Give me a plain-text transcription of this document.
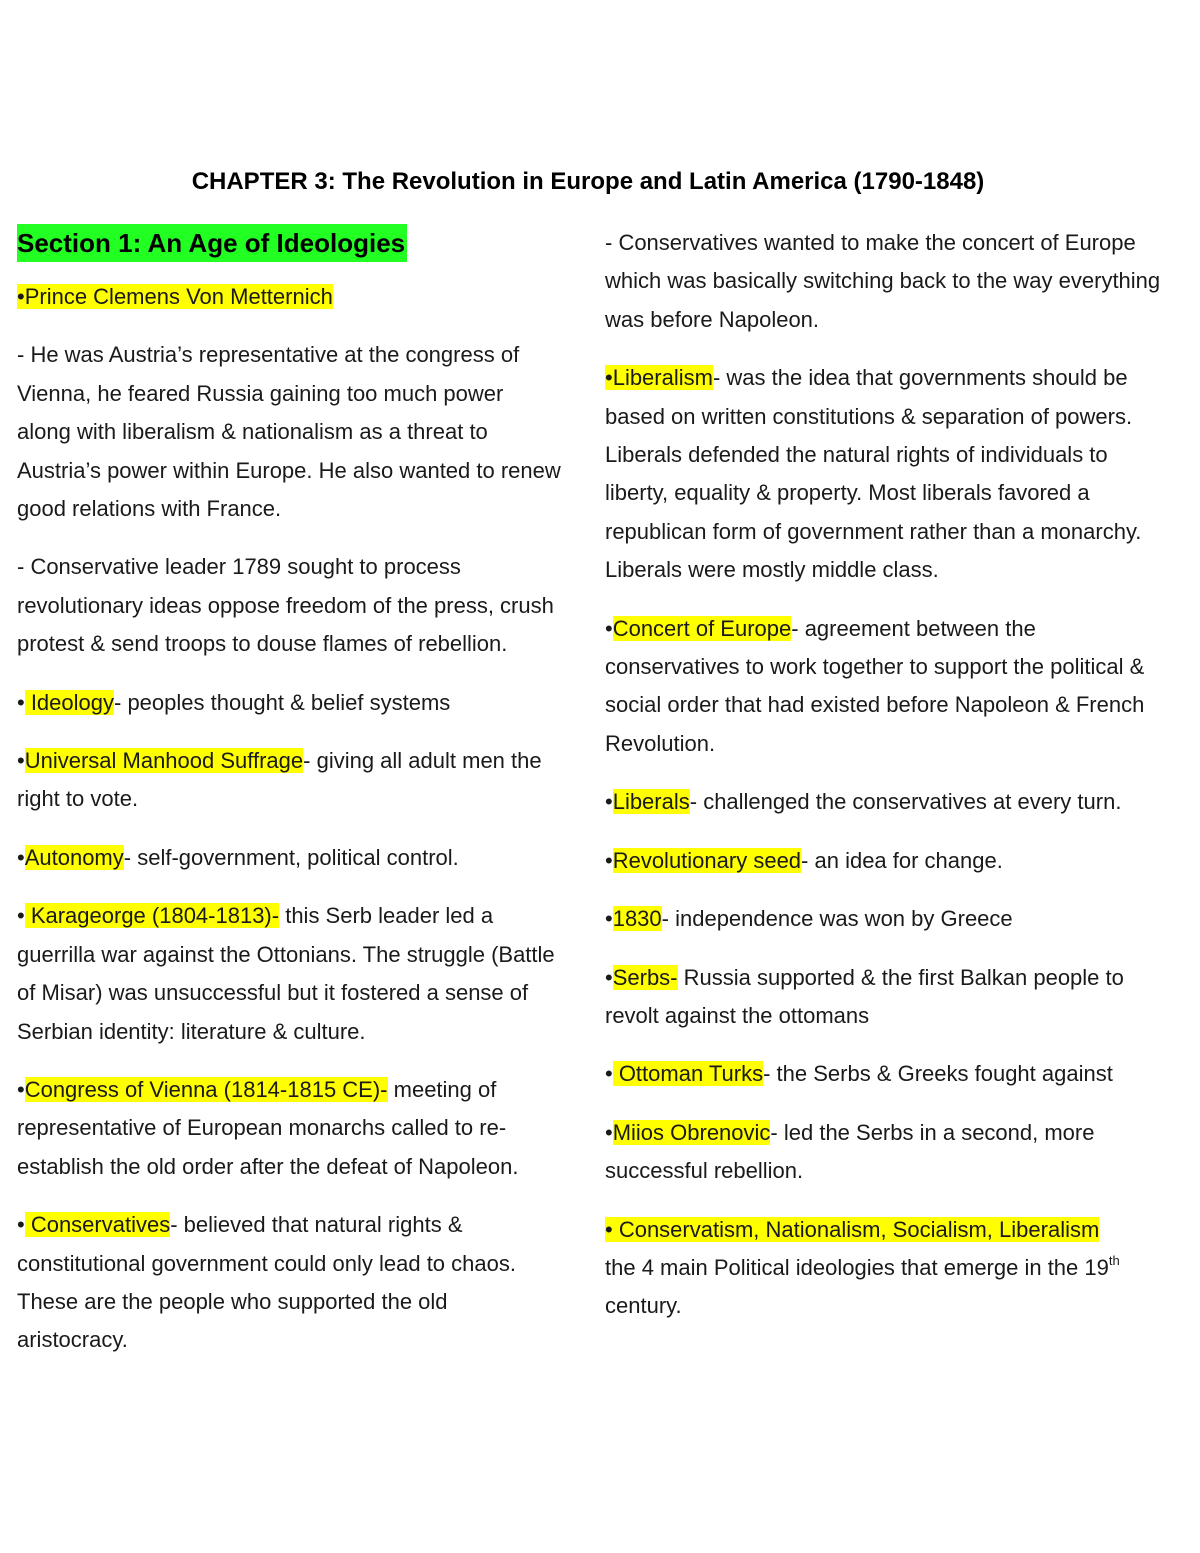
CHAPTER 3: The Revolution in Europe and Latin America (1790-1848)
Section 1: An Age of Ideologies

•Prince Clemens Von Metternich

- He was Austria’s representative at the congress of Vienna, he feared Russia gaining too much power along with liberalism & nationalism as a threat to Austria’s power within Europe. He also wanted to renew good relations with France.

- Conservative leader 1789 sought to process revolutionary ideas oppose freedom of the press, crush protest & send troops to douse flames of rebellion.

• Ideology- peoples thought & belief systems

•Universal Manhood Suffrage- giving all adult men the right to vote.

•Autonomy- self-government, political control.

• Karageorge (1804-1813)- this Serb leader led a guerrilla war against the Ottonians. The struggle (Battle of Misar) was unsuccessful but it fostered a sense of Serbian identity: literature & culture.

•Congress of Vienna (1814-1815 CE)- meeting of representative of European monarchs called to re-establish the old order after the defeat of Napoleon.

• Conservatives- believed that natural rights & constitutional government could only lead to chaos. These are the people who supported the old aristocracy.

- Conservatives wanted to make the concert of Europe which was basically switching back to the way everything was before Napoleon.

•Liberalism- was the idea that governments should be based on written constitutions & separation of powers. Liberals defended the natural rights of individuals to liberty, equality & property. Most liberals favored a republican form of government rather than a monarchy. Liberals were mostly middle class.

•Concert of Europe- agreement between the conservatives to work together to support the political & social order that had existed before Napoleon & French Revolution.

•Liberals- challenged the conservatives at every turn.

•Revolutionary seed- an idea for change.

•1830- independence was won by Greece

•Serbs- Russia supported & the first Balkan people to revolt against the ottomans

• Ottoman Turks- the Serbs & Greeks fought against

•Miios Obrenovic- led the Serbs in a second, more successful rebellion.

• Conservatism, Nationalism, Socialism, Liberalism
the 4 main Political ideologies that emerge in the 19th century.
